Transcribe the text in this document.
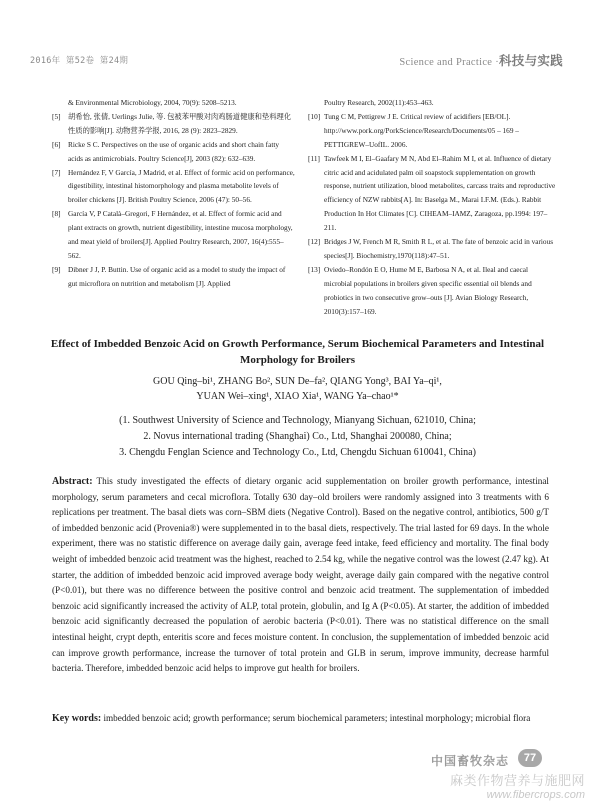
2016年 第52卷 第24期	Science and Practice ·科技与实践
& Environmental Microbiology, 2004, 70(9): 5208–5213.
[ 5 ]	胡希怡, 张倩, Uerlings Julie, 等. 包被苯甲酸对肉鸡肠道健康和垫料理化性质的影响[J]. 动物营养学报, 2016, 28 (9): 2823–2829.
[ 6 ]	Ricke S C. Perspectives on the use of organic acids and short chain fatty acids as antimicrobials. Poultry Science[J], 2003 (82): 632–639.
[ 7 ]	Hernández F, V García, J Madrid, et al. Effect of formic acid on performance, digestibility, intestinal histomorphology and plasma metabolite levels of broiler chickens [J]. British Poultry Science, 2006 (47): 50–56.
[ 8 ]	García V, P Català–Gregori, F Hernández, et al. Effect of formic acid and plant extracts on growth, nutrient digestibility, intestine mucosa morphology, and meat yield of broilers[J]. Applied Poultry Research, 2007, 16(4):555–562.
[ 9 ]	Dibner J J, P. Buttin. Use of organic acid as a model to study the impact of gut microflora on nutrition and metabolism [J]. Applied
Poultry Research, 2002(11):453–463.
[ 10 ] Tung C M, Pettigrew J E. Critical review of acidifiers [EB/OL]. http://www.pork.org/PorkScience/Research/Documents/05 – 169 – PETTIGREW–UofIL. 2006.
[ 11 ] Tawfeek M I, El–Gaafary M N, Abd El–Rahim M I, et al. Influence of dietary citric acid and acidulated palm oil soapstock supplementation on growth response, nutrient utilization, blood metabolites, carcass traits and reproductive efficiency of NZW rabbits[A]. In: Baselga M., Marai I.F.M. (Eds.). Rabbit Production In Hot Climates [C]. CIHEAM–IAMZ, Zaragoza, pp.1994: 197–211.
[ 12 ] Bridges J W, French M R, Smith R L, et al. The fate of benzoic acid in various species[J]. Biochemistry,1970(118):47–51.
[ 13 ] Oviedo–Rondón E O, Hume M E, Barbosa N A, et al. Ileal and caecal microbial populations in broilers given specific essential oil blends and probiotics in two consecutive grow–outs [J]. Avian Biology Research, 2010(3):157–169.
Effect of Imbedded Benzoic Acid on Growth Performance, Serum Biochemical Parameters and Intestinal Morphology for Broilers
GOU Qing–bi¹, ZHANG Bo², SUN De–fa², QIANG Yong³, BAI Ya–qi¹,
YUAN Wei–xing¹, XIAO Xia¹, WANG Ya–chao¹*
(1. Southwest University of Science and Technology, Mianyang Sichuan, 621010, China;
2. Novus international trading (Shanghai) Co., Ltd, Shanghai 200080, China;
3. Chengdu Fenglan Science and Technology Co., Ltd, Chengdu Sichuan 610041, China)
Abstract: This study investigated the effects of dietary organic acid supplementation on broiler growth performance, intestinal morphology, serum parameters and cecal microflora. Totally 630 day–old broilers were randomly assigned into 3 treatments with 6 replications per treatment. The basal diets was corn–SBM diets (Negative Control). Based on the negative control, antibiotics, 500 g/T of imbedded benzonic acid (Provenia®) were supplemented in to the basal diets, respectively. The trial lasted for 69 days. In the whole experiment, there was no statistic difference on average daily gain, average feed intake, feed efficiency and mortality. The final body weight of imbedded benzoic acid treatment was the highest, reached to 2.54 kg, while the negative control was the lowest (2.47 kg). At starter, the addition of imbedded benzoic acid improved average body weight, average daily gain compared with the negative control (P<0.01), but there was no difference between the positive control and benzoic acid treatment. The supplementation of imbedded benzoic acid significantly increased the activity of ALP, total protein, globulin, and Ig A (P<0.05). At starter, the addition of imbedded benzoic acid significantly decreased the population of aerobic bacteria (P<0.01). There was no statistical difference on the small intestinal height, crypt depth, enteritis score and feces moisture content. In conclusion, the supplementation of imbedded benzoic acid can improve growth performance, increase the turnover of total protein and GLB in serum, improve immunity, decrease harmful bacteria. Therefore, imbedded benzoic acid helps to improve gut health for broilers.
Key words: imbedded benzoic acid; growth performance; serum biochemical parameters; intestinal morphology; microbial flora
中国畜牧杂志	77
麻类作物营养与施肥网
www.fibercrops.com
